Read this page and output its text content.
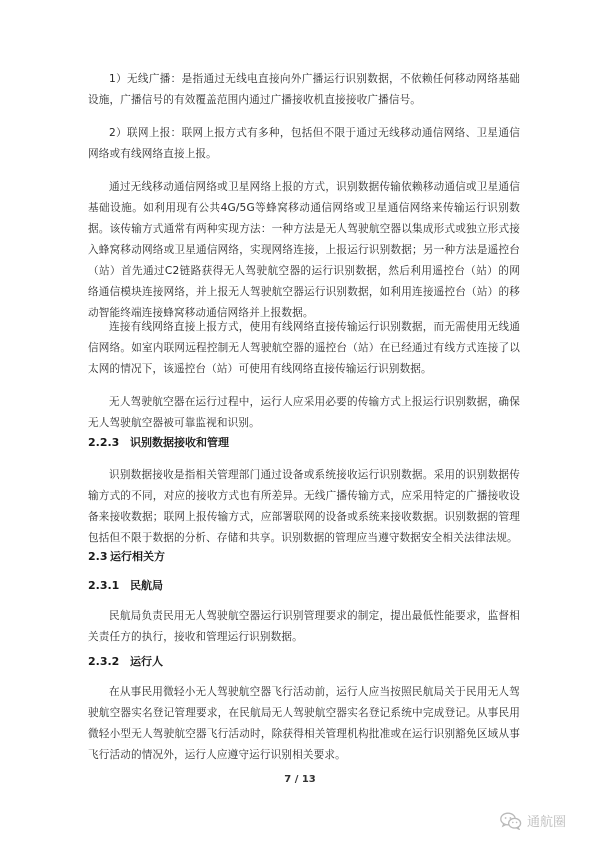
1）无线广播：是指通过无线电直接向外广播运行识别数据，不依赖任何移动网络基础设施，广播信号的有效覆盖范围内通过广播接收机直接接收广播信号。

2）联网上报：联网上报方式有多种，包括但不限于通过无线移动通信网络、卫星通信网络或有线网络直接上报。

通过无线移动通信网络或卫星网络上报的方式，识别数据传输依赖移动通信或卫星通信基础设施。如利用现有公共4G/5G等蜂窝移动通信网络或卫星通信网络来传输运行识别数据。该传输方式通常有两种实现方法：一种方法是无人驾驶航空器以集成形式或独立形式接入蜂窝移动网络或卫星通信网络，实现网络连接，上报运行识别数据；另一种方法是遥控台（站）首先通过C2链路获得无人驾驶航空器的运行识别数据，然后利用遥控台（站）的网络通信模块连接网络，并上报无人驾驶航空器运行识别数据，如利用连接遥控台（站）的移动智能终端连接蜂窝移动通信网络并上报数据。

连接有线网络直接上报方式，使用有线网络直接传输运行识别数据，而无需使用无线通信网络。如室内联网远程控制无人驾驶航空器的遥控台（站）在已经通过有线方式连接了以太网的情况下，该遥控台（站）可使用有线网络直接传输运行识别数据。

无人驾驶航空器在运行过程中，运行人应采用必要的传输方式上报运行识别数据，确保无人驾驶航空器被可靠监视和识别。

2.2.3 识别数据接收和管理

识别数据接收是指相关管理部门通过设备或系统接收运行识别数据。采用的识别数据传输方式的不同，对应的接收方式也有所差异。无线广播传输方式，应采用特定的广播接收设备来接收数据；联网上报传输方式，应部署联网的设备或系统来接收数据。识别数据的管理包括但不限于数据的分析、存储和共享。识别数据的管理应当遵守数据安全相关法律法规。

2.3 运行相关方
2.3.1 民航局

民航局负责民用无人驾驶航空器运行识别管理要求的制定，提出最低性能要求，监督相关责任方的执行，接收和管理运行识别数据。

2.3.2 运行人

在从事民用微轻小无人驾驶航空器飞行活动前，运行人应当按照民航局关于民用无人驾驶航空器实名登记管理要求，在民航局无人驾驶航空器实名登记系统中完成登记。从事民用微轻小型无人驾驶航空器飞行活动时，除获得相关管理机构批准或在运行识别豁免区域从事飞行活动的情况外，运行人应遵守运行识别相关要求。

7 / 13
通航圈
